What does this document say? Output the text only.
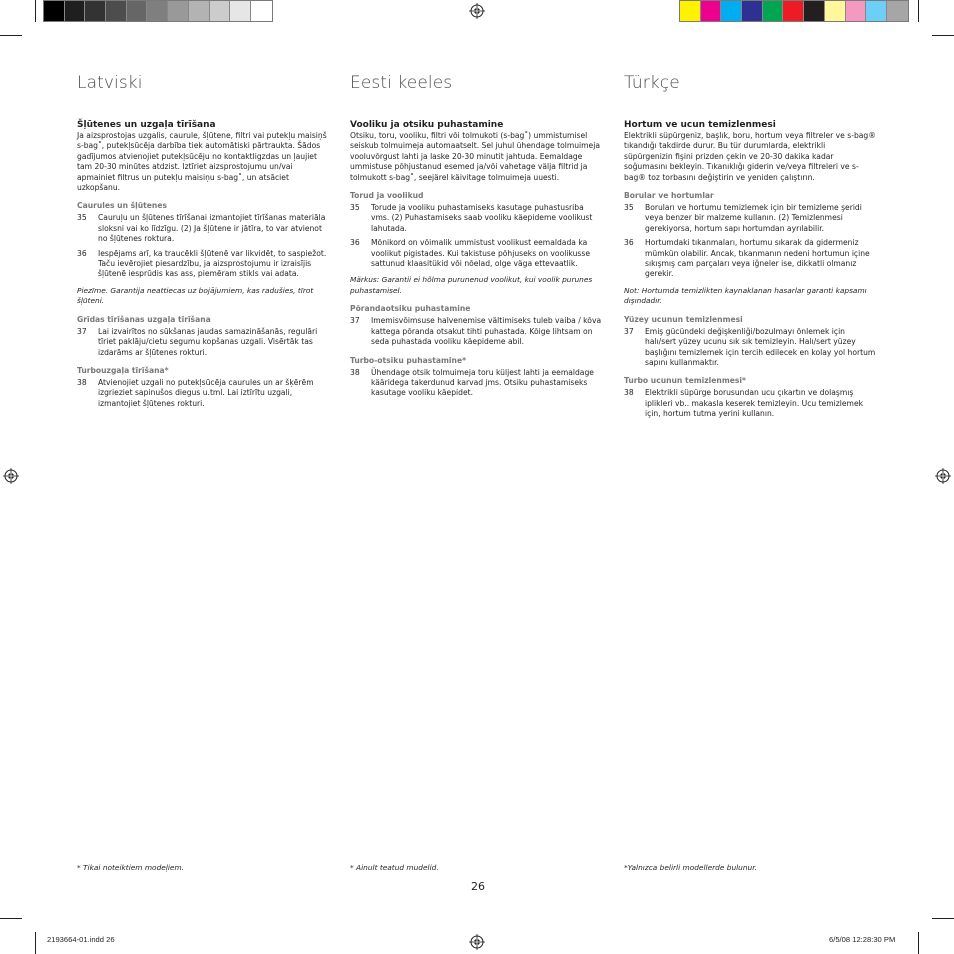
Latviski
Šļūtenes un uzgaļa tīrīšana

Ja aizsprostojas uzgalis, caurule, šļūtene, filtri vai putekļu maisiņš s-bag˚, putekļsūcēja darbība tiek automātiski pārtraukta. Šādos gadījumos atvienojiet putekļsūcēju no kontaktligzdas un ļaujiet tam 20-30 minūtes atdzist. Iztīriet aizsprostojumu un/vai apmainiet filtrus un putekļu maisiņu s-bag˚, un atsāciet uzkopšanu.

Caurules un šļūtenes
35	Cauruļu un šļūtenes tīrīšanai izmantojiet tīrīšanas materiāla sloksni vai ko līdzīgu. (2) Ja šļūtene ir jātīra, to var atvienot no šļūtenes roktura.
36	Iespējams arī, ka traucēkli šļūtenē var likvidēt, to saspiežot. Taču ievērojiet piesardzību, ja aizsprostojumu ir izraisījis šļūtenē iesprūdis kas ass, piemēram stikls vai adata.

Piezīme. Garantija neattiecas uz bojājumiem, kas radušies, tīrot šļūteni.

Grīdas tīrīšanas uzgaļa tīrīšana
37	Lai izvairītos no sūkšanas jaudas samazināšanās, regulāri tīriet paklāju/cietu segumu kopšanas uzgali. Visērtāk tas izdarāms ar šļūtenes rokturi.
Turbouzgaļa tīrīšana*
38	Atvienojiet uzgali no putekļsūcēja caurules un ar šķērēm izgrieziet sapinušos diegus u.tml. Lai iztīrītu uzgali, izmantojiet šļūtenes rokturi.
Eesti keeles
Vooliku ja otsiku puhastamine

Otsiku, toru, vooliku, filtri või tolmukoti (s-bag˚) ummistumisel seiskub tolmuimeja automaatselt. Sel juhul ühendage tolmuimeja vooluvõrgust lahti ja laske 20-30 minutit jahtuda. Eemaldage ummistuse põhjustanud esemed ja/või vahetage välja filtrid ja tolmukott s-bag˚, seejärel käivitage tolmuimeja uuesti.

Torud ja voolikud
35	Torude ja vooliku puhastamiseks kasutage puhastusriba vms. (2) Puhastamiseks saab vooliku käepideme voolikust lahutada.
36	Mõnikord on võimalik ummistust voolikust eemaldada ka voolikut pigistades. Kui takistuse põhjuseks on voolikusse sattunud klaasitükid või nõelad, olge väga ettevaatlik.

Märkus: Garantii ei hõlma purunenud voolikut, kui voolik purunes puhastamisel.

Põrandaotsiku puhastamine
37	Imemisvõimsuse halvenemise vältimiseks tuleb vaiba / kõva kattega põranda otsakut tihti puhastada. Kõige lihtsam on seda puhastada vooliku käepideme abil.
Turbo-otsiku puhastamine*
38	Ühendage otsik tolmuimeja toru küljest lahti ja eemaldage kääridega takerdunud karvad jms. Otsiku puhastamiseks kasutage vooliku käepidet.
Türkçe
Hortum ve ucun temizlenmesi

Elektrikli süpürgeniz, başlık, boru, hortum veya filtreler ve s-bag® tıkandığı takdirde durur. Bu tür durumlarda, elektrikli süpürgenizin fişini prizden çekin ve 20-30 dakika kadar soğumasını bekleyin. Tıkanıklığı giderin ve/veya filtreleri ve s-bag® toz torbasını değiştirin ve yeniden çalıştırın.

Borular ve hortumlar
35	Boruları ve hortumu temizlemek için bir temizleme şeridi veya benzer bir malzeme kullanın. (2) Temizlenmesi gerekiyorsa, hortum sapı hortumdan ayrılabilir.
36	Hortumdaki tıkanmaları, hortumu sıkarak da gidermeniz mümkün olabilir. Ancak, tıkanmanın nedeni hortumun içine sıkışmış cam parçaları veya iğneler ise, dikkatli olmanız gerekir.

Not: Hortumda temizlikten kaynaklanan hasarlar garanti kapsamı dışındadır.

Yüzey ucunun temizlenmesi
37	Emiş gücündeki değişkenliği/bozulmayı önlemek için halı/sert yüzey ucunu sık sık temizleyin. Halı/sert yüzey başlığını temizlemek için tercih edilecek en kolay yol hortum sapını kullanmaktır.
Turbo ucunun temizlenmesi*
38	Elektrikli süpürge borusundan ucu çıkartın ve dolaşmış iplikleri vb.. makasla keserek temizleyin. Ucu temizlemek için, hortum tutma yerini kullanın.
* Tikai noteiktiem modeļiem.	* Ainult teatud mudelid.	*Yalnızca belirli modellerde bulunur.
26
2193664-01.indd 26	6/5/08 12:28:30 PM
